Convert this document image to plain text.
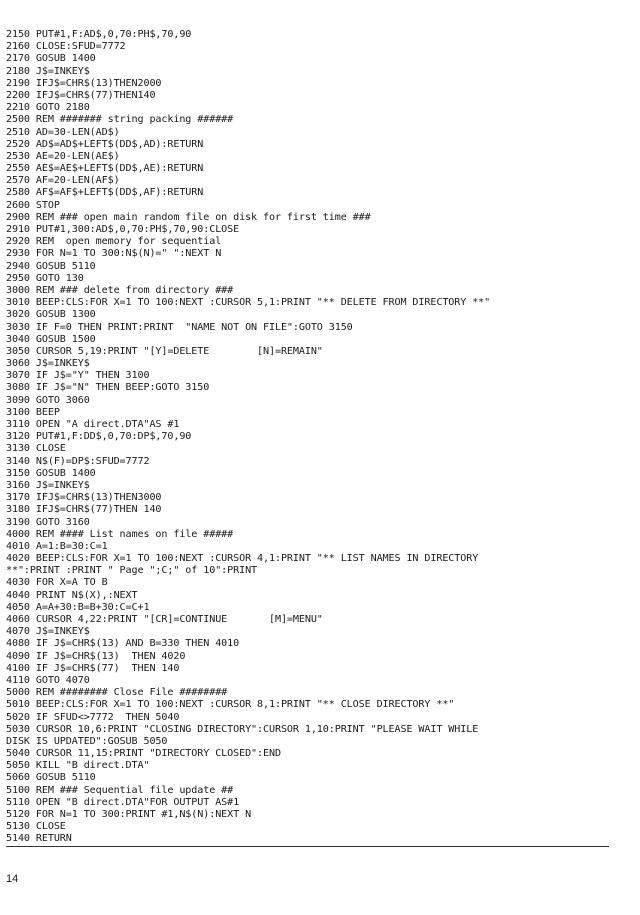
2150 PUT#1,F:AD$,0,70:PH$,70,90
2160 CLOSE:SFUD=7772
2170 GOSUB 1400
2180 J$=INKEY$
2190 IFJ$=CHR$(13)THEN2000
2200 IFJ$=CHR$(77)THEN140
2210 GOTO 2180
2500 REM ####### string packing ######
2510 AD=30-LEN(AD$)
2520 AD$=AD$+LEFT$(DD$,AD):RETURN
2530 AE=20-LEN(AE$)
2550 AE$=AE$+LEFT$(DD$,AE):RETURN
2570 AF=20-LEN(AF$)
2580 AF$=AF$+LEFT$(DD$,AF):RETURN
2600 STOP
2900 REM ### open main random file on disk for first time ###
2910 PUT#1,300:AD$,0,70:PH$,70,90:CLOSE
2920 REM  open memory for sequential
2930 FOR N=1 TO 300:N$(N)=" ":NEXT N
2940 GOSUB 5110
2950 GOTO 130
3000 REM ### delete from directory ###
3010 BEEP:CLS:FOR X=1 TO 100:NEXT :CURSOR 5,1:PRINT "** DELETE FROM DIRECTORY **"
3020 GOSUB 1300
3030 IF F=0 THEN PRINT:PRINT  "NAME NOT ON FILE":GOTO 3150
3040 GOSUB 1500
3050 CURSOR 5,19:PRINT "[Y]=DELETE        [N]=REMAIN"
3060 J$=INKEY$
3070 IF J$="Y" THEN 3100
3080 IF J$="N" THEN BEEP:GOTO 3150
3090 GOTO 3060
3100 BEEP
3110 OPEN "A direct.DTA"AS #1
3120 PUT#1,F:DD$,0,70:DP$,70,90
3130 CLOSE
3140 N$(F)=DP$:SFUD=7772
3150 GOSUB 1400
3160 J$=INKEY$
3170 IFJ$=CHR$(13)THEN3000
3180 IFJ$=CHR$(77)THEN 140
3190 GOTO 3160
4000 REM #### List names on file #####
4010 A=1:B=30:C=1
4020 BEEP:CLS:FOR X=1 TO 100:NEXT :CURSOR 4,1:PRINT "** LIST NAMES IN DIRECTORY
**":PRINT :PRINT " Page ";C;" of 10":PRINT
4030 FOR X=A TO B
4040 PRINT N$(X),:NEXT
4050 A=A+30:B=B+30:C=C+1
4060 CURSOR 4,22:PRINT "[CR]=CONTINUE       [M]=MENU"
4070 J$=INKEY$
4080 IF J$=CHR$(13) AND B=330 THEN 4010
4090 IF J$=CHR$(13)  THEN 4020
4100 IF J$=CHR$(77)  THEN 140
4110 GOTO 4070
5000 REM ######## Close File ########
5010 BEEP:CLS:FOR X=1 TO 100:NEXT :CURSOR 8,1:PRINT "** CLOSE DIRECTORY **"
5020 IF SFUD<>7772  THEN 5040
5030 CURSOR 10,6:PRINT "CLOSING DIRECTORY":CURSOR 1,10:PRINT "PLEASE WAIT WHILE
DISK IS UPDATED":GOSUB 5050
5040 CURSOR 11,15:PRINT "DIRECTORY CLOSED":END
5050 KILL "B direct.DTA"
5060 GOSUB 5110
5100 REM ### Sequential file update ##
5110 OPEN "B direct.DTA"FOR OUTPUT AS#1
5120 FOR N=1 TO 300:PRINT #1,N$(N):NEXT N
5130 CLOSE
5140 RETURN
14
